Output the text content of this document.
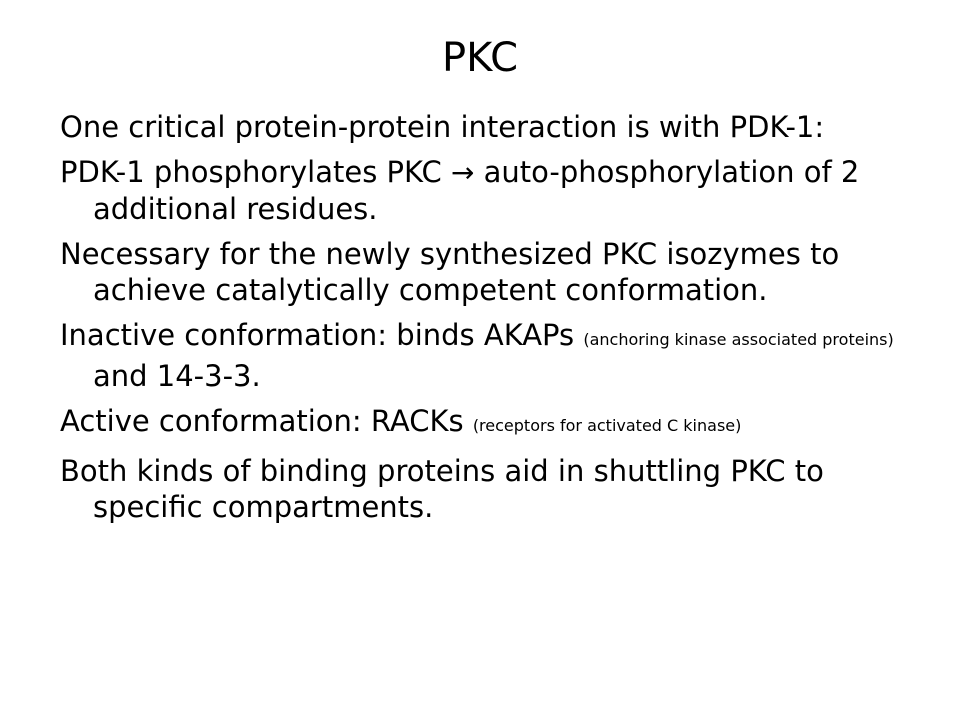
PKC

One critical protein-protein interaction is with PDK-1:

PDK-1 phosphorylates PKC → auto-phosphorylation of 2 additional residues.

Necessary for the newly synthesized PKC isozymes to achieve catalytically competent conformation.

Inactive conformation: binds AKAPs (anchoring kinase associated proteins) and 14-3-3.

Active conformation: RACKs (receptors for activated C kinase)

Both kinds of binding proteins aid in shuttling PKC to specific compartments.
